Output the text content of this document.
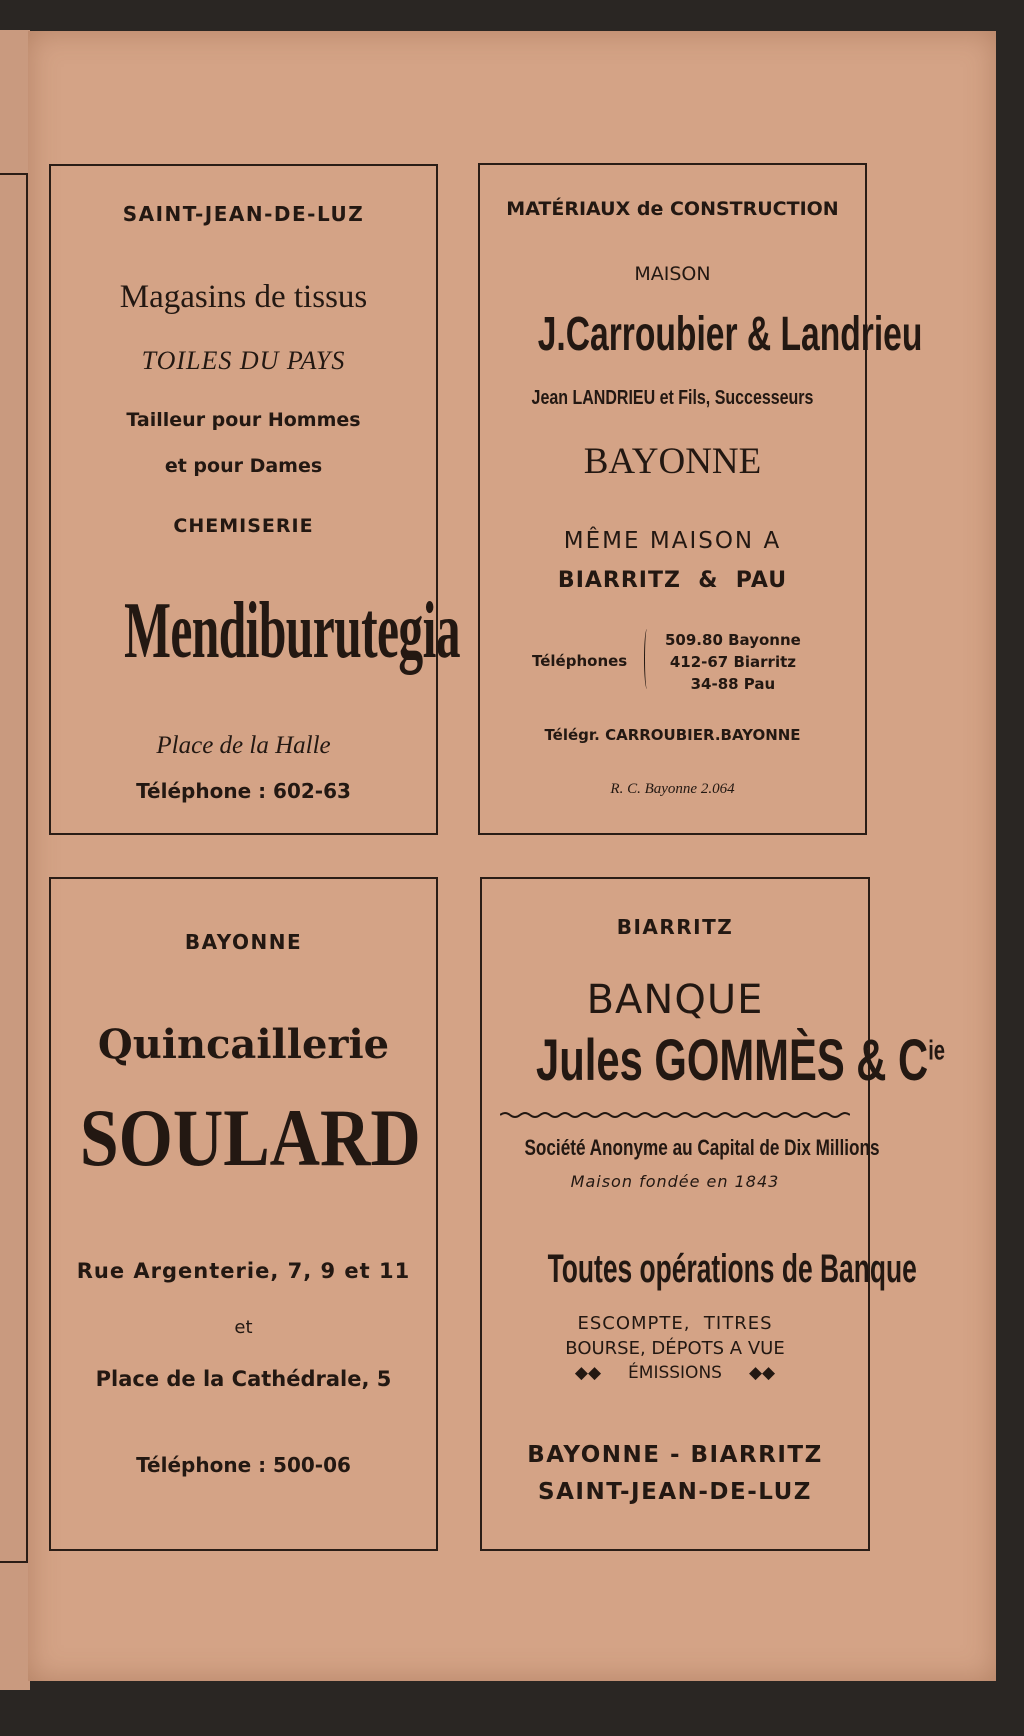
SAINT-JEAN-DE-LUZ
Magasins de tissus
TOILES DU PAYS
Tailleur pour Hommes
et pour Dames
CHEMISERIE
Mendiburutegia
Place de la Halle
Téléphone : 602-63
MATÉRIAUX de CONSTRUCTION
MAISON
J.Carroubier & Landrieu
Jean LANDRIEU et Fils, Successeurs
BAYONNE
MÊME MAISON A
BIARRITZ  &  PAU
Téléphones
509.80 Bayonne
412-67 Biarritz
34-88 Pau
Télégr. CARROUBIER.BAYONNE
R. C. Bayonne 2.064
BAYONNE
Quincaillerie
SOULARD
Rue Argenterie, 7, 9 et 11
et
Place de la Cathédrale, 5
Téléphone : 500-06
BIARRITZ
BANQUE
Jules GOMMÈS & $C^{ie}$
Société Anonyme au Capital de Dix Millions
Maison fondée en 1843
Toutes opérations de Banque
ESCOMPTE,  TITRES
BOURSE, DÉPOTS A VUE
◆◆     ÉMISSIONS     ◆◆
BAYONNE - BIARRITZ
SAINT-JEAN-DE-LUZ
